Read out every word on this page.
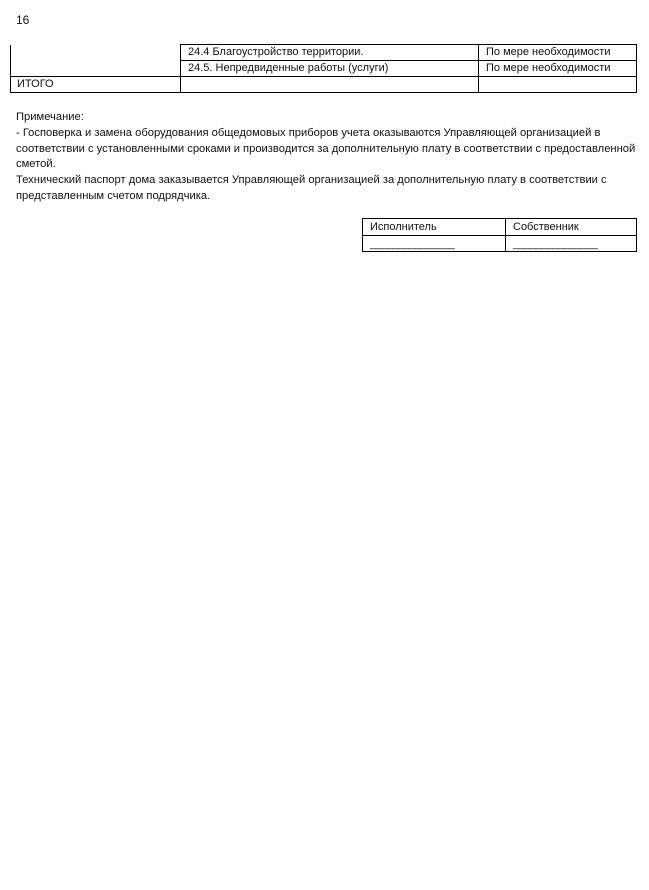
16
	24.4 Благоустройство территории.	По мере необходимости
	24.5. Непредвиденные работы (услуги)	По мере необходимости
ИТОГО		

Примечание:

- Госповерка и замена оборудования общедомовых приборов учета оказываются Управляющей организацией в соответствии с установленными сроками и производится за дополнительную плату в соответствии с предоставленной сметой.

Технический паспорт дома заказывается Управляющей организацией за дополнительную плату в соответствии с представленным счетом подрядчика.

Исполнитель	Собственник
_______________	_______________
